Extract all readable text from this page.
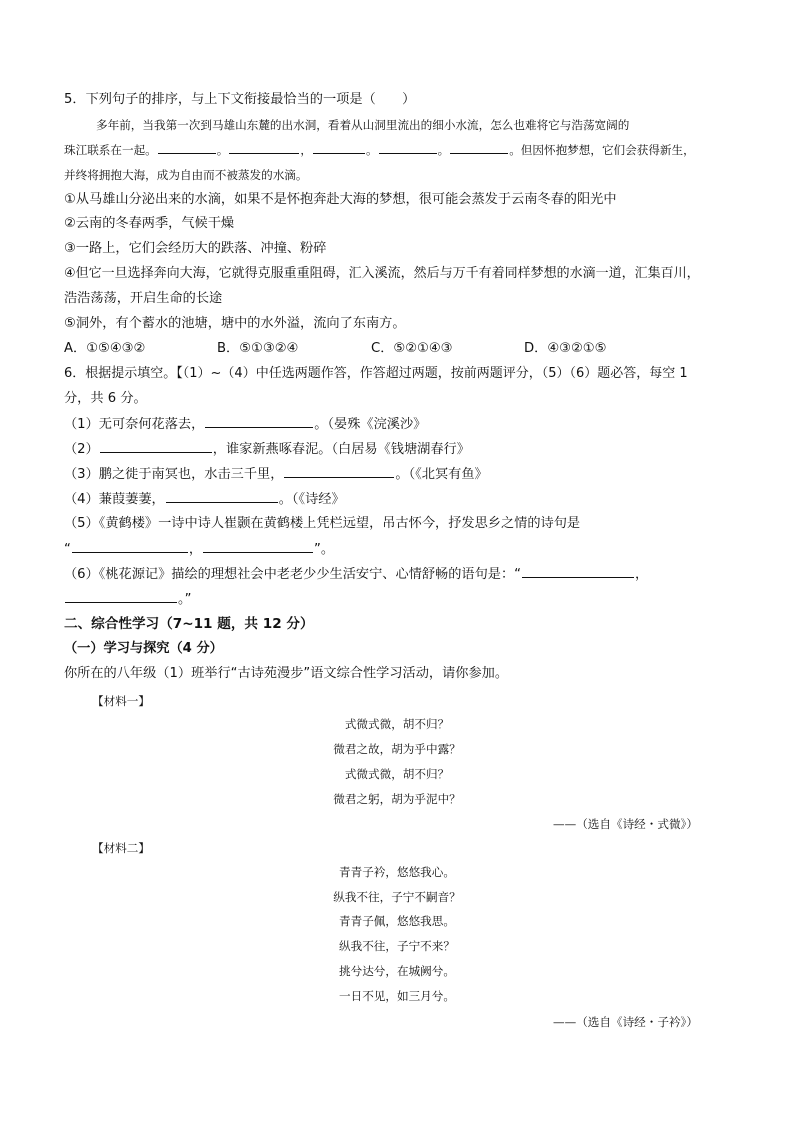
5．下列句子的排序，与上下文衔接最恰当的一项是（　　）
多年前，当我第一次到马雄山东麓的出水洞，看着从山洞里流出的细小水流，怎么也难将它与浩荡宽阔的
珠江联系在一起。	。	，	。	。	。但因怀抱梦想，它们会获得新生，
并终将拥抱大海，成为自由而不被蒸发的水滴。
①从马雄山分泌出来的水滴，如果不是怀抱奔赴大海的梦想，很可能会蒸发于云南冬春的阳光中
②云南的冬春两季，气候干燥
③一路上，它们会经历大的跌落、冲撞、粉碎
④但它一旦选择奔向大海，它就得克服重重阻碍，汇入溪流，然后与万千有着同样梦想的水滴一道，汇集百川，
浩浩荡荡，开启生命的长途
⑤洞外，有个蓄水的池塘，塘中的水外溢，流向了东南方。
A．①⑤④③②	B．⑤①③②④	C．⑤②①④③	D．④③②①⑤
6．根据提示填空。【（1）~（4）中任选两题作答，作答超过两题，按前两题评分，（5）（6）题必答，每空 1
分，共 6 分。
（1）无可奈何花落去，	。（晏殊《浣溪沙》
（2）	，谁家新燕啄春泥。（白居易《钱塘湖春行》
（3）鹏之徙于南冥也，水击三千里，	。（《北冥有鱼》
（4）蒹葭萋萋，	。（《诗经》
（5）《黄鹤楼》一诗中诗人崔颢在黄鹤楼上凭栏远望，吊古怀今，抒发思乡之情的诗句是
“	，	”。
（6）《桃花源记》描绘的理想社会中老老少少生活安宁、心情舒畅的语句是：“	，
。”
二、综合性学习（7~11 题，共 12 分）
（一）学习与探究（4 分）
你所在的八年级（1）班举行“古诗苑漫步”语文综合性学习活动，请你参加。
【材料一】
式微式微，胡不归？
微君之故，胡为乎中露？
式微式微，胡不归？
微君之躬，胡为乎泥中？
——（选自《诗经・式微》）
【材料二】
青青子衿，悠悠我心。
纵我不往，子宁不嗣音？
青青子佩，悠悠我思。
纵我不往，子宁不来？
挑兮达兮，在城阙兮。
一日不见，如三月兮。
——（选自《诗经・子衿》）
